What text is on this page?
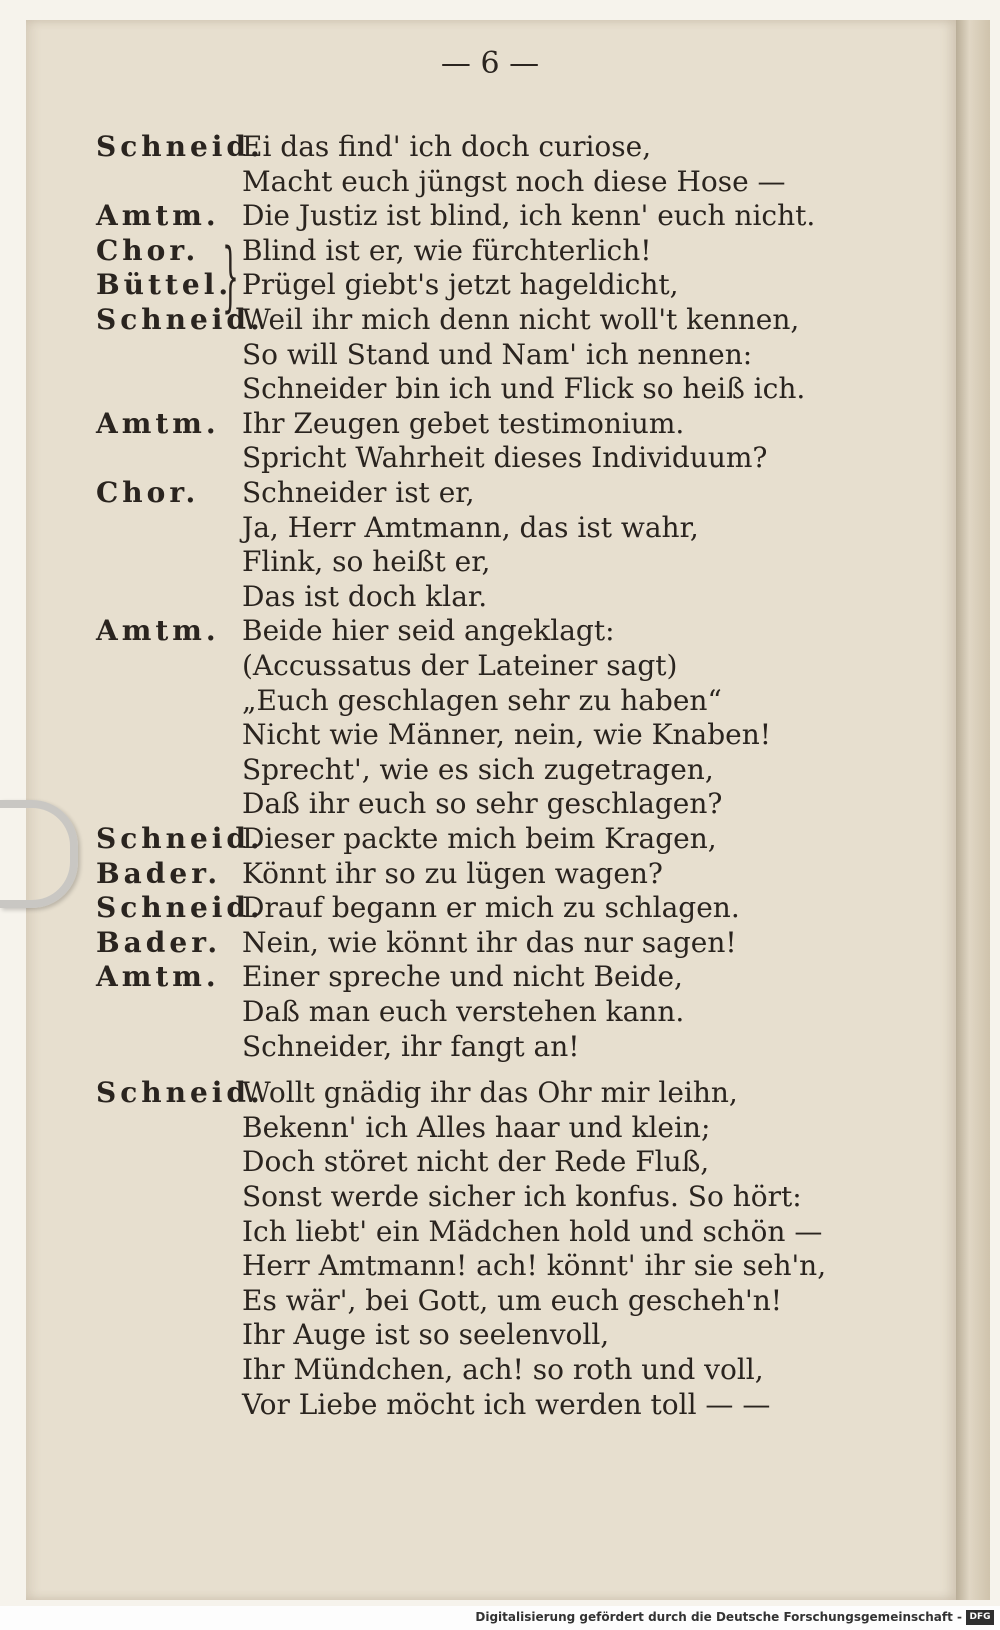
— 6 —
Schneid.
Ei das find' ich doch curiose,
Macht euch jüngst noch diese Hose —
Amtm. Die Justiz ist blind, ich kenn' euch nicht.
Chor. Blind ist er, wie fürchterlich!
Büttel. Prügel giebt's jetzt hageldicht,
Schneid.
Weil ihr mich denn nicht woll't kennen,
So will Stand und Nam' ich nennen:
Schneider bin ich und Flick so heiß ich.
Amtm. Ihr Zeugen gebet testimonium.
Spricht Wahrheit dieses Individuum?
Chor. Schneider ist er,
Ja, Herr Amtmann, das ist wahr,
Flink, so heißt er,
Das ist doch klar.
Amtm. Beide hier seid angeklagt:
(Accussatus der Lateiner sagt)
„Euch geschlagen sehr zu haben“
Nicht wie Männer, nein, wie Knaben!
Sprecht', wie es sich zugetragen,
Daß ihr euch so sehr geschlagen?
Schneid.
Dieser packte mich beim Kragen,
Bader. Könnt ihr so zu lügen wagen?
Schneid.
Drauf begann er mich zu schlagen.
Bader. Nein, wie könnt ihr das nur sagen!
Amtm. Einer spreche und nicht Beide,
Daß man euch verstehen kann.
Schneider, ihr fangt an!
Schneid.
Wollt gnädig ihr das Ohr mir leihn,
Bekenn' ich Alles haar und klein;
Doch störet nicht der Rede Fluß,
Sonst werde sicher ich konfus. So hört:
Ich liebt' ein Mädchen hold und schön —
Herr Amtmann! ach! könnt' ihr sie seh'n,
Es wär', bei Gott, um euch gescheh'n!
Ihr Auge ist so seelenvoll,
Ihr Mündchen, ach! so roth und voll,
Vor Liebe möcht ich werden toll — —
}
Digitalisierung gefördert durch die Deutsche Forschungsgemeinschaft - DFG
